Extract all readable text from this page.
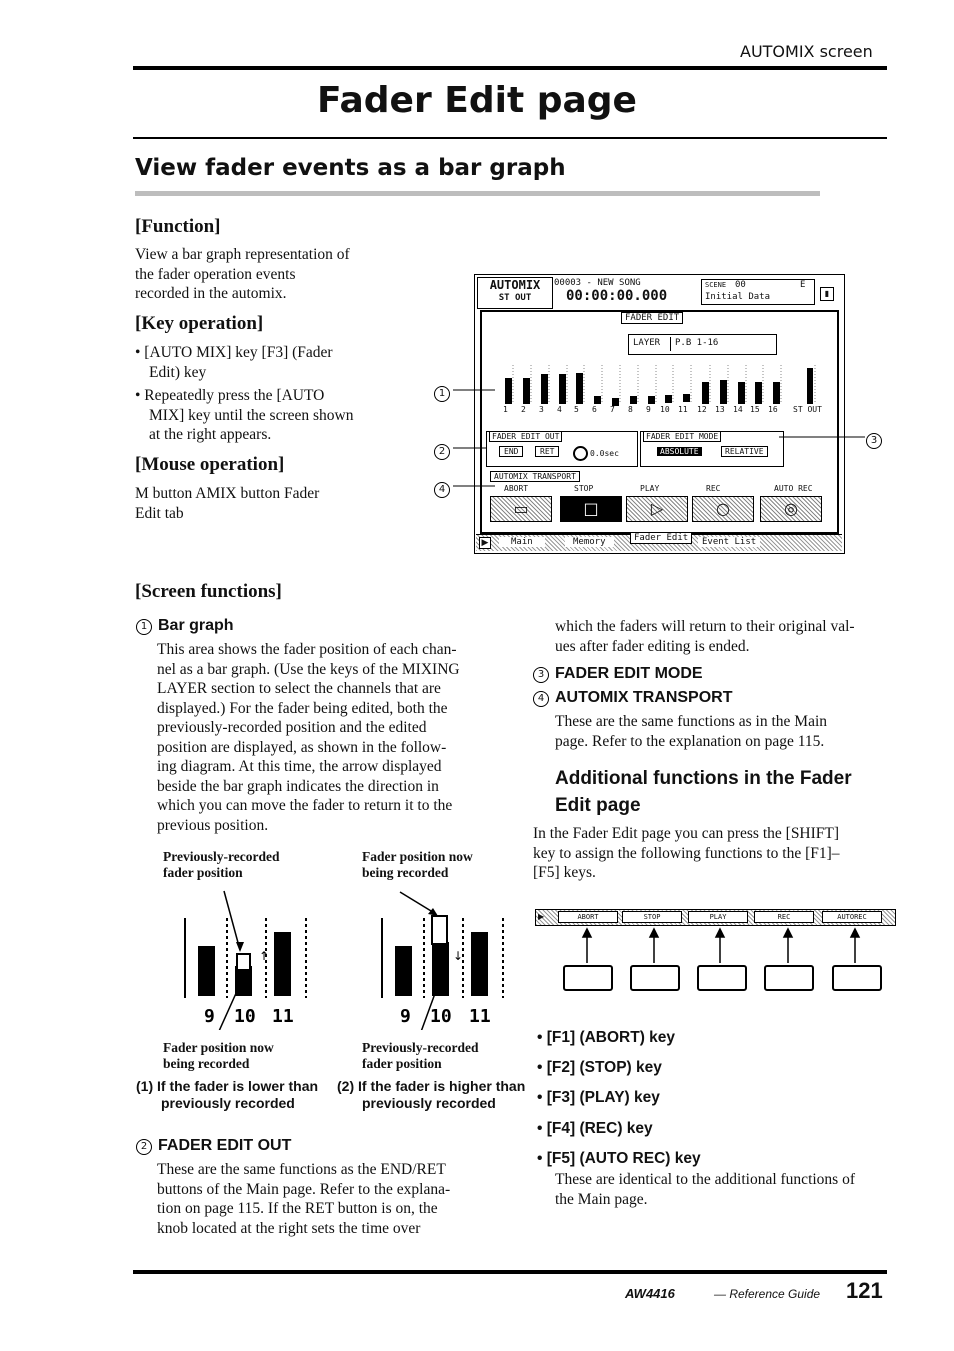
AUTOMIX screen
Fader Edit page
View fader events as a bar graph
[Function]
View a bar graph representation of
the fader operation events
recorded in the automix.
[Key operation]
• [AUTO MIX] key [F3] (Fader
Edit) key
• Repeatedly press the [AUTO
MIX] key until the screen shown
at the right appears.
[Mouse operation]
M button AMIX button Fader
Edit tab
AUTOMIX
ST OUT
00003 - NEW SONG
00:00:00.000
SCENE 00	E
Initial Data	▮
FADER EDIT
LAYER P.B 1-16
1 2 3 4 5 6 7 8 9 10 11 12 13 14 15 16 ST OUT
FADER EDIT OUT
END	RET	0.0sec
FADER EDIT MODE
ABSOLUTE	RELATIVE
AUTOMIX TRANSPORT
ABORT
▭
STOP
□
PLAY
▷
REC
○
AUTO REC
◎
▶	Main	Memory	Fader Edit	Event List
1
2
3
4
[Screen functions]
1 Bar graph
This area shows the fader position of each chan-
nel as a bar graph. (Use the keys of the MIXING
LAYER section to select the channels that are
displayed.) For the fader being edited, both the
previously-recorded position and the edited
position are displayed, as shown in the follow-
ing diagram. At this time, the arrow displayed
beside the bar graph indicates the direction in
which you can move the fader to return it to the
previous position.
Previously-recorded
fader position
Fader position now
being recorded
↑
9 10 11
↓
9 10 11
Fader position now
being recorded
Previously-recorded
fader position
(1) If the fader is lower than
previously recorded
(2) If the fader is higher than
previously recorded
2 FADER EDIT OUT
These are the same functions as the END/RET
buttons of the Main page. Refer to the explana-
tion on page 115. If the RET button is on, the
knob located at the right sets the time over
which the faders will return to their original val-
ues after fader editing is ended.
3 FADER EDIT MODE
4 AUTOMIX TRANSPORT
These are the same functions as in the Main
page. Refer to the explanation on page 115.
Additional functions in the Fader
Edit page
In the Fader Edit page you can press the [SHIFT]
key to assign the following functions to the [F1]–
[F5] keys.
▶	ABORT	STOP	PLAY	REC	AUTOREC
• [F1] (ABORT) key
• [F2] (STOP) key
• [F3] (PLAY) key
• [F4] (REC) key
• [F5] (AUTO REC) key
These are identical to the additional functions of
the Main page.
AW4416	— Reference Guide 121
